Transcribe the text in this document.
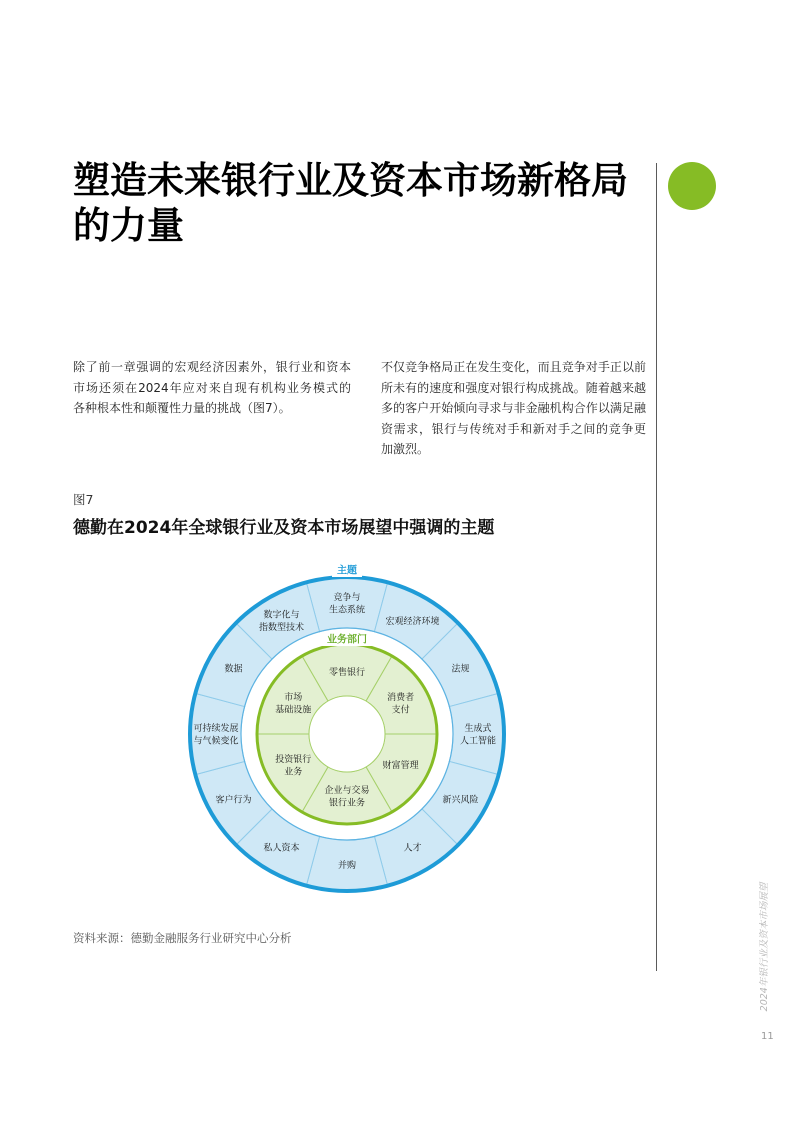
塑造未来银行业及资本市场新格局
的力量
除了前一章强调的宏观经济因素外，银行业和资本
市场还须在2024年应对来自现有机构业务模式的
各种根本性和颠覆性力量的挑战（图7）。
不仅竞争格局正在发生变化，而且竞争对手正以前
所未有的速度和强度对银行构成挑战。随着越来越
多的客户开始倾向寻求与非金融机构合作以满足融
资需求，银行与传统对手和新对手之间的竞争更
加激烈。
图7
德勤在2024年全球银行业及资本市场展望中强调的主题
竞争与生态系统
宏观经济环境
法规
生成式人工智能
新兴风险
人才
并购
私人资本
客户行为
可持续发展与气候变化
数据
数字化与指数型技术
零售银行
消费者支付
财富管理
企业与交易银行业务
投资银行业务
市场基础设施
主题
业务部门
资料来源：德勤金融服务行业研究中心分析	2024年银行业及资本市场展望
11
